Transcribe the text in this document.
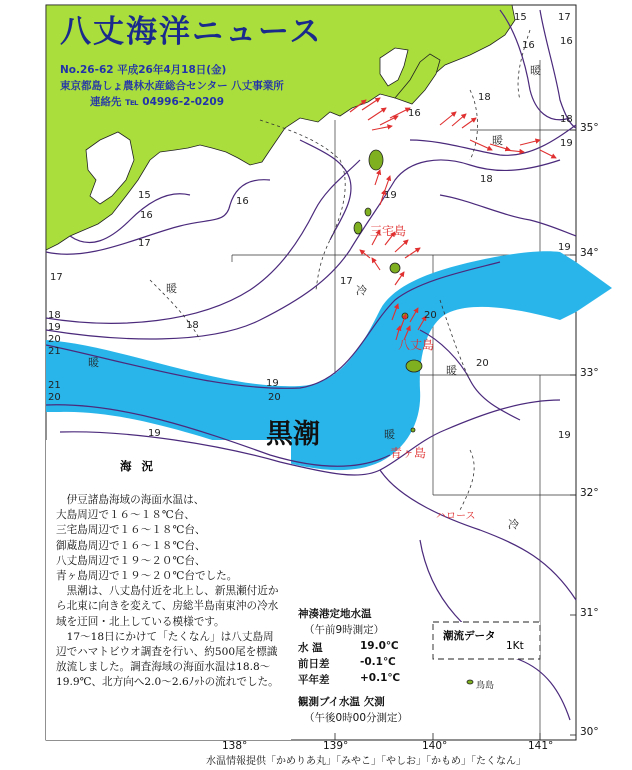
八丈海洋ニュース
No.26-62 平成26年4月18日(金)
東京都島しょ農林水産総合センター 八丈事業所
連絡先 ℡ 04996-2-0209
15	17
16
16
18
19
16
15
16
16
17
17	17
18
18
18
19
19
19
19
19	19
20
20
20
20
20
21
21
18
暖
暖
暖
暖
暖
暖
冷
冷
黒潮
海 況
三宅島
八丈島
青ヶ島
ハロース
鳥島
138°	139°	140°	141°
35°
34°
33°
32°
31°
30°
潮流データ
1Kt

伊豆諸島海域の海面水温は、

大島周辺で１６～１８℃台、

三宅島周辺で１６～１８℃台、

御蔵島周辺で１６～１８℃台、

八丈島周辺で１９～２０℃台、

青ヶ島周辺で１９～２０℃台でした。

黒潮は、八丈島付近を北上し、新黒瀬付近から北東に向きを変えて、房総半島南東沖の冷水域を迂回・北上している模様です。

17～18日にかけて「たくなん」は八丈島周辺でハマトビウオ調査を行い、約500尾を標識放流しました。調査海域の海面水温は18.8～19.9℃、北方向へ2.0～2.6ﾉｯﾄの流れでした。

神湊港定地水温
（午前9時測定）
水 温	19.0℃
前日差	-0.1℃
平年差	+0.1℃
観測ブイ水温 欠測
（午後0時00分測定）
水温情報提供「かめりあ丸」「みやこ」「やしお」「かもめ」「たくなん」
